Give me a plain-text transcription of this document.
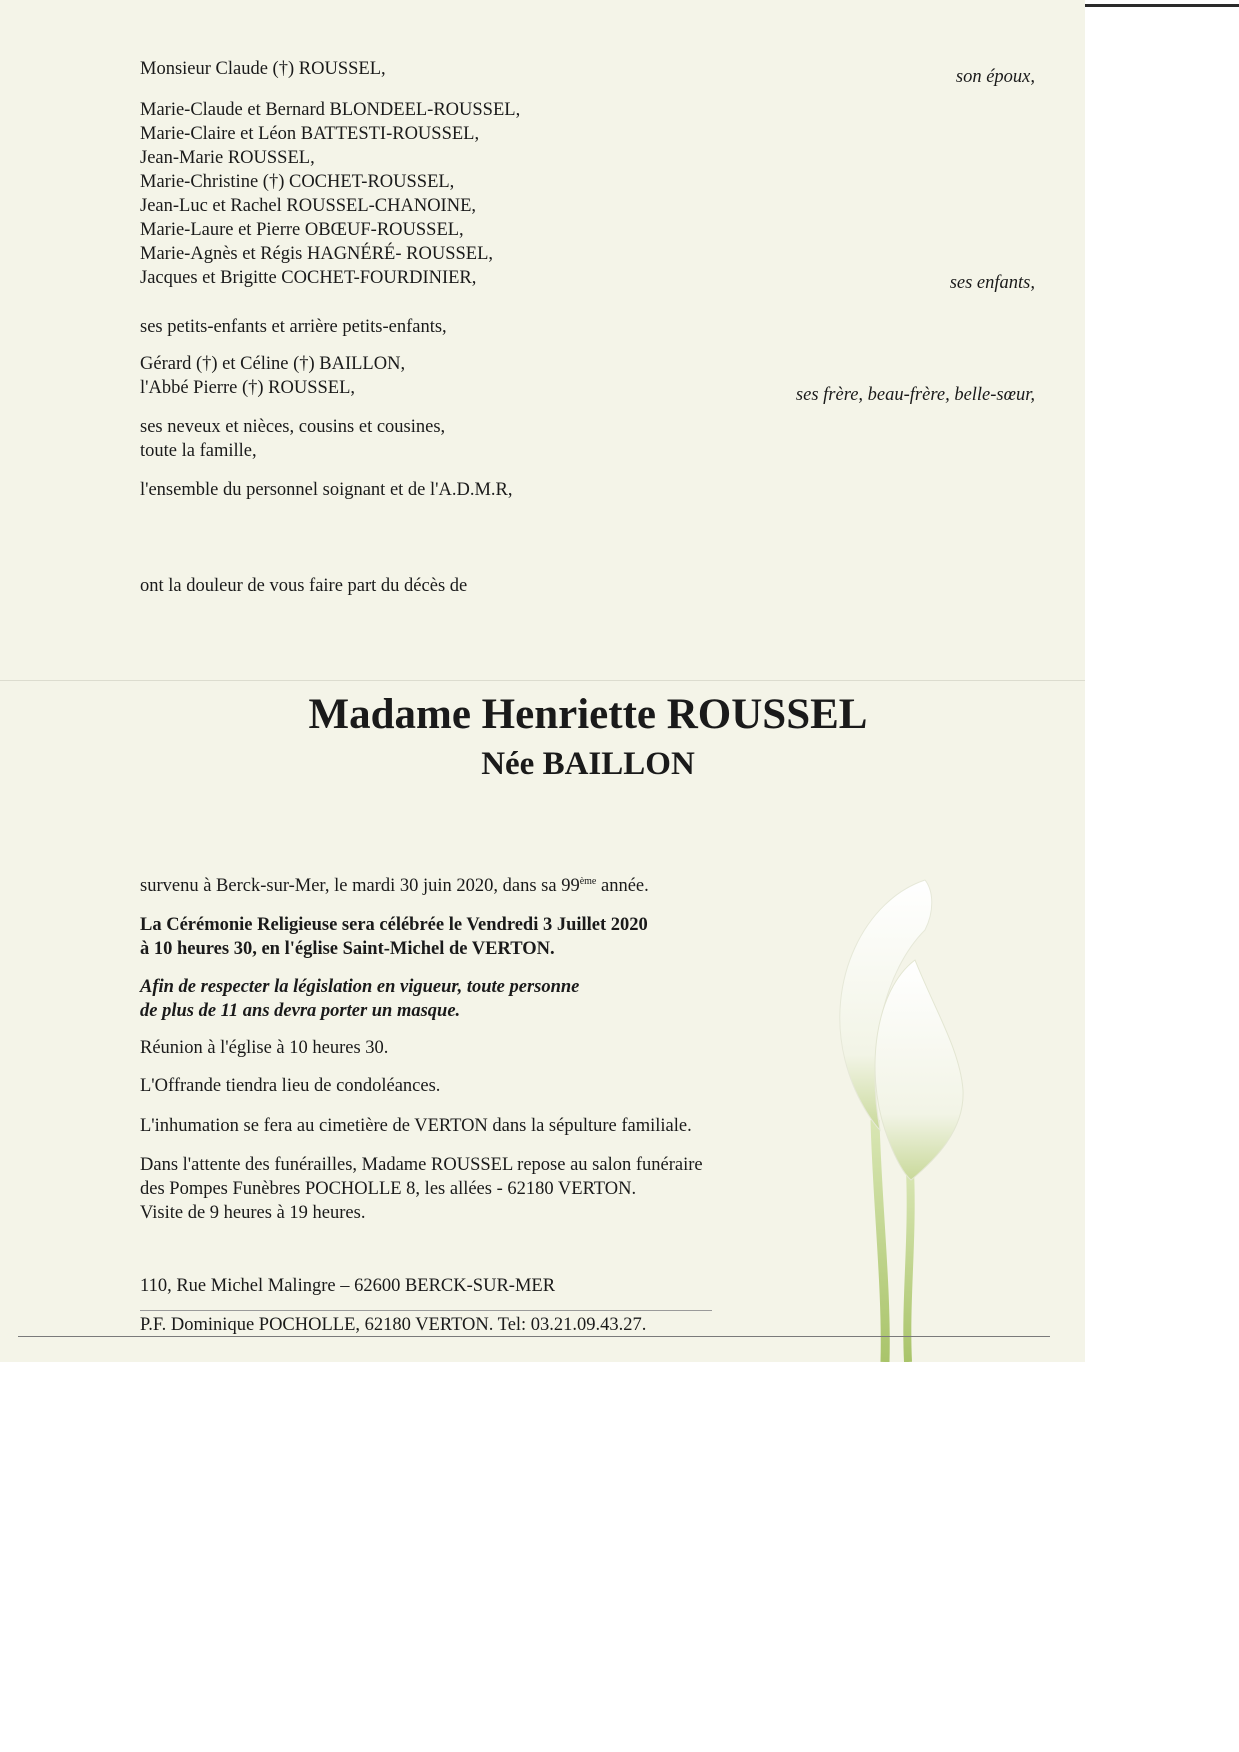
Monsieur Claude (†) ROUSSEL,	son époux,
Marie-Claude et Bernard BLONDEEL-ROUSSEL,
Marie-Claire et Léon BATTESTI-ROUSSEL,
Jean-Marie ROUSSEL,
Marie-Christine (†) COCHET-ROUSSEL,
Jean-Luc et Rachel ROUSSEL-CHANOINE,
Marie-Laure et Pierre OBŒUF-ROUSSEL,
Marie-Agnès et Régis HAGNÉRÉ- ROUSSEL,
Jacques et Brigitte COCHET-FOURDINIER,	ses enfants,
ses petits-enfants et arrière petits-enfants,
Gérard (†) et Céline (†) BAILLON,
l'Abbé Pierre (†) ROUSSEL,	ses frère, beau-frère, belle-sœur,
ses neveux et nièces, cousins et cousines,
toute la famille,
l'ensemble du personnel soignant et de l'A.D.M.R,
ont la douleur de vous faire part du décès de
Madame Henriette ROUSSEL
Née BAILLON
survenu à Berck-sur-Mer, le mardi 30 juin 2020, dans sa 99ème année.
La Cérémonie Religieuse sera célébrée le Vendredi 3 Juillet 2020
à 10 heures 30, en l'église Saint-Michel de VERTON.
Afin de respecter la législation en vigueur, toute personne
de plus de 11 ans devra porter un masque.
Réunion à l'église à 10 heures 30.
L'Offrande tiendra lieu de condoléances.
L'inhumation se fera au cimetière de VERTON dans la sépulture familiale.
Dans l'attente des funérailles, Madame ROUSSEL repose au salon funéraire
des Pompes Funèbres POCHOLLE 8, les allées - 62180 VERTON.
Visite de 9 heures à 19 heures.
110, Rue Michel Malingre – 62600 BERCK-SUR-MER
P.F. Dominique POCHOLLE, 62180 VERTON. Tel: 03.21.09.43.27.
